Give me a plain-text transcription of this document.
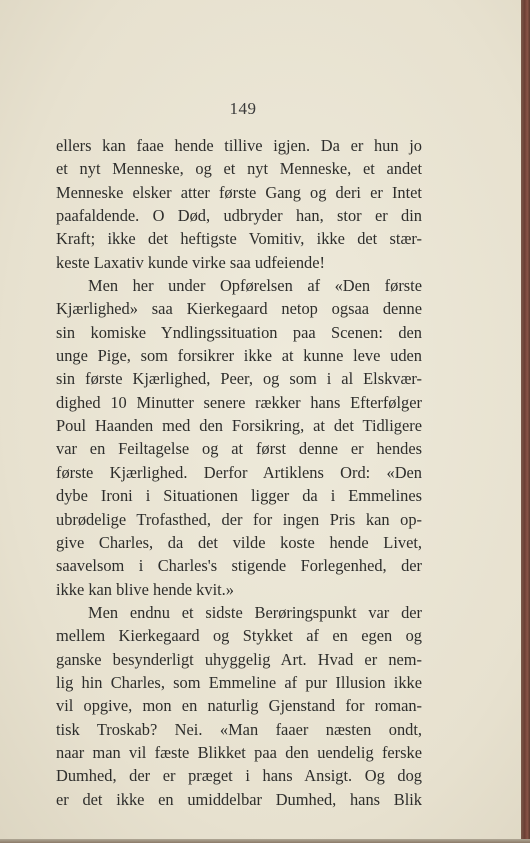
149
ellers kan faae hende tillive igjen. Da er hun jo
et nyt Menneske, og et nyt Menneske, et andet
Menneske elsker atter første Gang og deri er Intet
paafaldende. O Død, udbryder han, stor er din
Kraft; ikke det heftigste Vomitiv, ikke det stær-
keste Laxativ kunde virke saa udfeiende!
Men her under Opførelsen af «Den første
Kjærlighed» saa Kierkegaard netop ogsaa denne
sin komiske Yndlingssituation paa Scenen: den
unge Pige, som forsikrer ikke at kunne leve uden
sin første Kjærlighed, Peer, og som i al Elskvær-
dighed 10 Minutter senere rækker hans Efterfølger
Poul Haanden med den Forsikring, at det Tidligere
var en Feiltagelse og at først denne er hendes
første Kjærlighed. Derfor Artiklens Ord: «Den
dybe Ironi i Situationen ligger da i Emmelines
ubrødelige Trofasthed, der for ingen Pris kan op-
give Charles, da det vilde koste hende Livet,
saavelsom i Charles's stigende Forlegenhed, der
ikke kan blive hende kvit.»
Men endnu et sidste Berøringspunkt var der
mellem Kierkegaard og Stykket af en egen og
ganske besynderligt uhyggelig Art. Hvad er nem-
lig hin Charles, som Emmeline af pur Illusion ikke
vil opgive, mon en naturlig Gjenstand for roman-
tisk Troskab? Nei. «Man faaer næsten ondt,
naar man vil fæste Blikket paa den uendelig ferske
Dumhed, der er præget i hans Ansigt. Og dog
er det ikke en umiddelbar Dumhed, hans Blik
